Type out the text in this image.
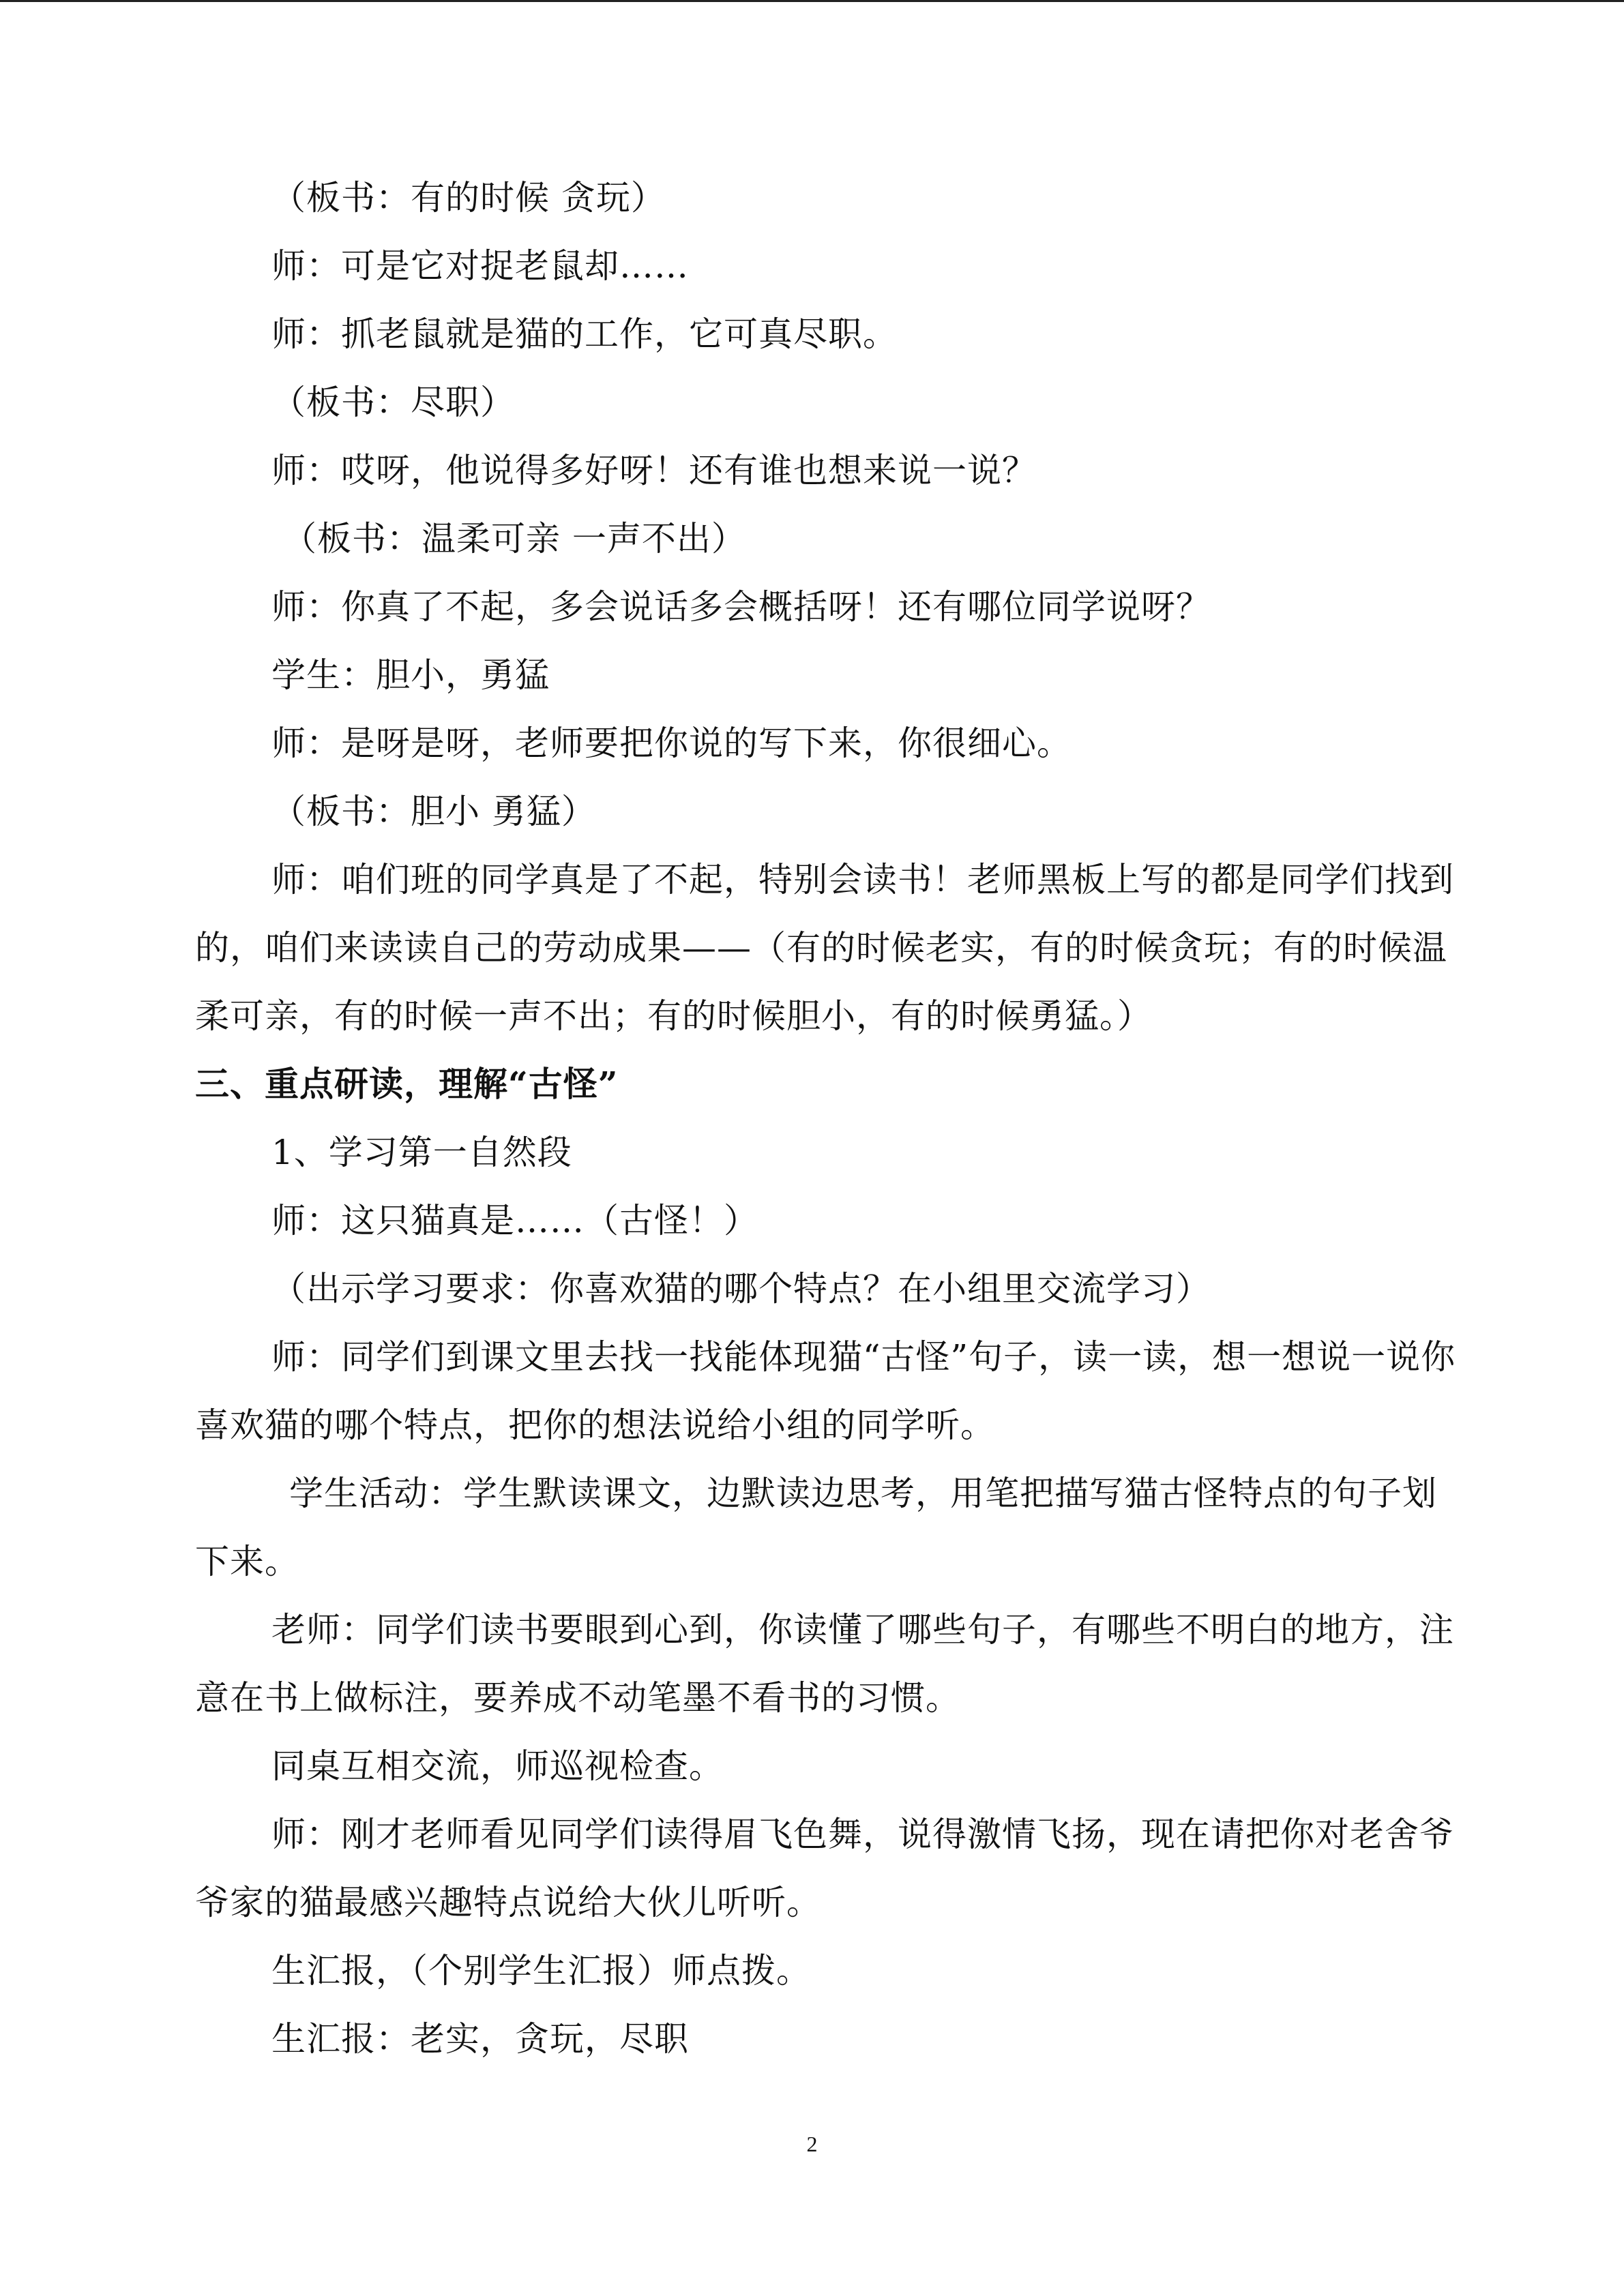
（板书：有的时候 贪玩）

师：可是它对捉老鼠却……

师：抓老鼠就是猫的工作，它可真尽职。

（板书：尽职）

师：哎呀，他说得多好呀！还有谁也想来说一说？

（板书：温柔可亲 一声不出）

师：你真了不起，多会说话多会概括呀！还有哪位同学说呀？

学生：胆小，勇猛

师：是呀是呀，老师要把你说的写下来，你很细心。

（板书：胆小 勇猛）

师：咱们班的同学真是了不起，特别会读书！老师黑板上写的都是同学们找到的，咱们来读读自己的劳动成果——（有的时候老实，有的时候贪玩；有的时候温柔可亲，有的时候一声不出；有的时候胆小，有的时候勇猛。）

三、重点研读，理解“古怪”

1、学习第一自然段

师：这只猫真是……（古怪！）

（出示学习要求：你喜欢猫的哪个特点？在小组里交流学习）

师：同学们到课文里去找一找能体现猫“古怪”句子，读一读，想一想说一说你喜欢猫的哪个特点，把你的想法说给小组的同学听。

学生活动：学生默读课文，边默读边思考，用笔把描写猫古怪特点的句子划下来。

老师：同学们读书要眼到心到，你读懂了哪些句子，有哪些不明白的地方，注意在书上做标注，要养成不动笔墨不看书的习惯。

同桌互相交流，师巡视检查。

师：刚才老师看见同学们读得眉飞色舞，说得激情飞扬，现在请把你对老舍爷爷家的猫最感兴趣特点说给大伙儿听听。

生汇报，（个别学生汇报）师点拨。

生汇报：老实，贪玩，尽职

2
